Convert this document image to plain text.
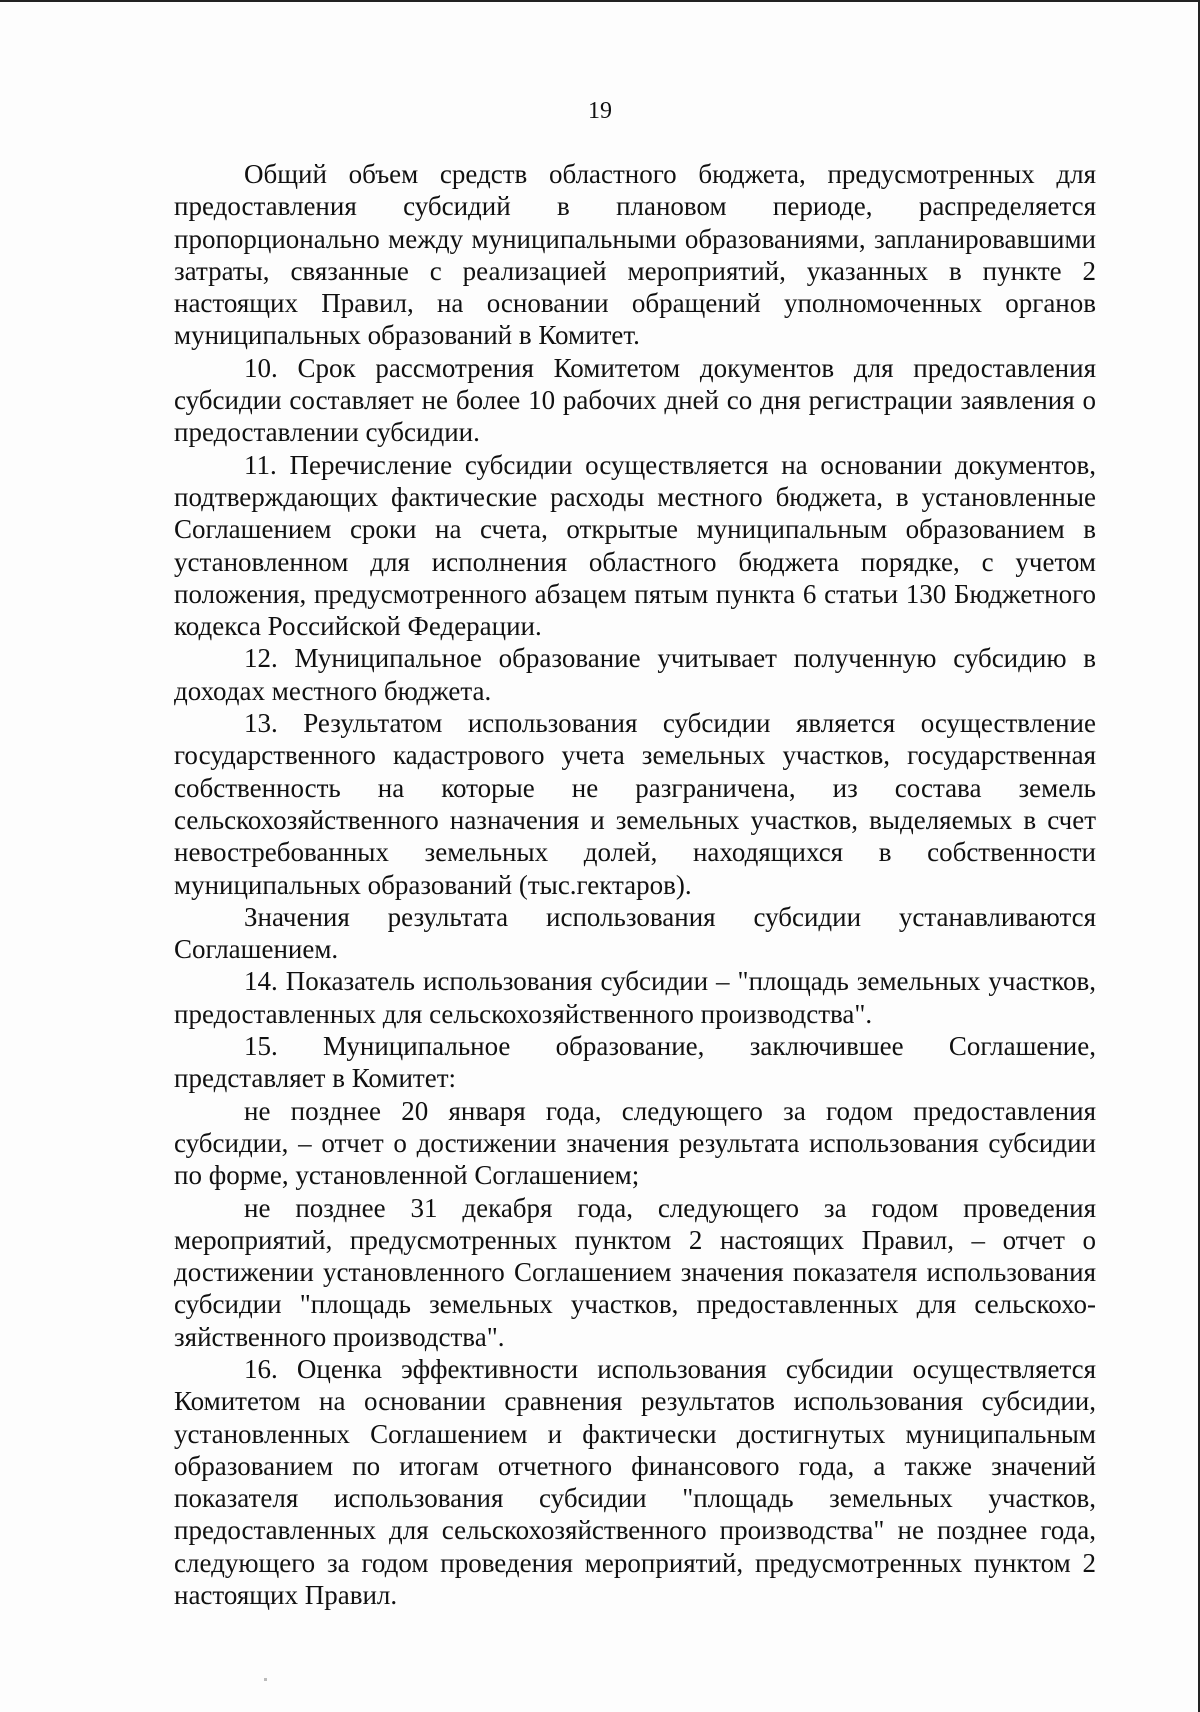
19

Общий объем средств областного бюджета, предусмотренных для предоставления субсидий в плановом периоде, распределяется пропорционально между муниципальными образованиями, запланировавшими затраты, связанные с реализацией мероприятий, указанных в пункте 2 настоящих Правил, на основании обращений уполномоченных органов муниципальных образований в Комитет.

10. Срок рассмотрения Комитетом документов для предоставления субсидии составляет не более 10 рабочих дней со дня регистрации заявления о предоставлении субсидии.

11. Перечисление субсидии осуществляется на основании документов, подтверждающих фактические расходы местного бюджета, в установленные Соглашением сроки на счета, открытые муниципальным образованием в установленном для исполнения областного бюджета порядке, с учетом положения, предусмотренного абзацем пятым пункта 6 статьи 130 Бюджетного кодекса Российской Федерации.

12. Муниципальное образование учитывает полученную субсидию в доходах местного бюджета.

13. Результатом использования субсидии является осуществление государственного кадастрового учета земельных участков, государственная собственность на которые не разграничена, из состава земель сельскохозяйственного назначения и земельных участков, выделяемых в счет невостребованных земельных долей, находящихся в собственности муниципальных образований (тыс.гектаров).

Значения результата использования субсидии устанавливаются Соглашением.

14. Показатель использования субсидии – "площадь земельных участков, предоставленных для сельскохозяйственного производства".

15. Муниципальное образование, заключившее Соглашение, представляет в Комитет:

не позднее 20 января года, следующего за годом предоставления субсидии, – отчет о достижении значения результата использования субсидии по форме, установленной Соглашением;

не позднее 31 декабря года, следующего за годом проведения мероприятий, предусмотренных пунктом 2 настоящих Правил, – отчет о достижении установленного Соглашением значения показателя использования субсидии "площадь земельных участков, предоставленных для сельскохо-зяйственного производства".

16. Оценка эффективности использования субсидии осуществляется Комитетом на основании сравнения результатов использования субсидии, установленных Соглашением и фактически достигнутых муниципальным образованием по итогам отчетного финансового года, а также значений показателя использования субсидии "площадь земельных участков, предоставленных для сельскохозяйственного производства" не позднее года, следующего за годом проведения мероприятий, предусмотренных пунктом 2 настоящих Правил.
